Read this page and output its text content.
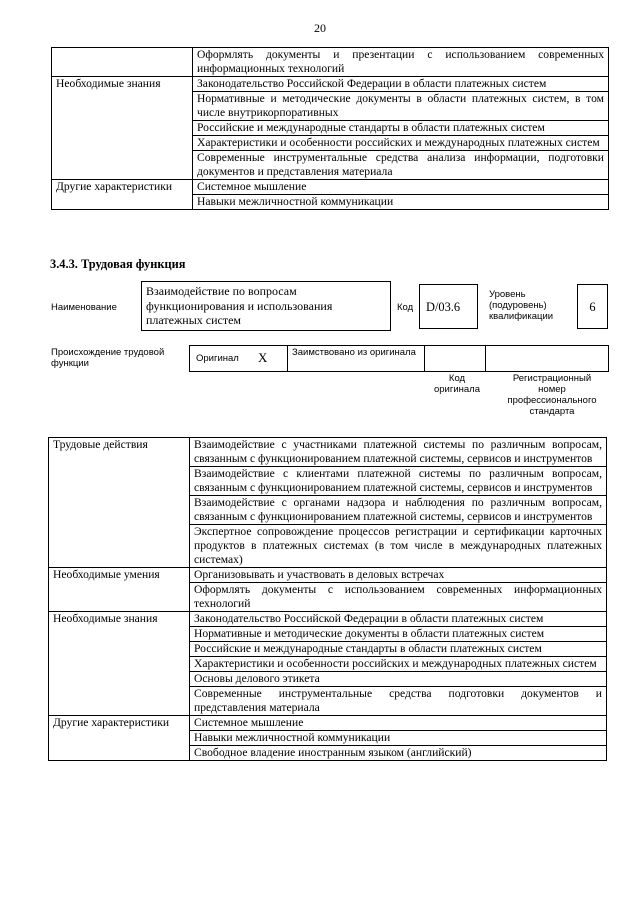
20
	Оформлять документы и презентации с использованием современных информационных технологий
Необходимые знания	Законодательство Российской Федерации в области платежных систем
	Нормативные и методические документы в области платежных систем, в том числе внутрикорпоративных
	Российские и международные стандарты в области платежных систем
	Характеристики и особенности российских и международных платежных систем
	Современные инструментальные средства анализа информации, подготовки документов и представления материала
Другие характеристики	Системное мышление
	Навыки межличностной коммуникации
3.4.3. Трудовая функция
Наименование
Взаимодействие по вопросам функционирования и использования платежных систем
Код	D/03.6
Уровень (подуровень) квалификации
6
Происхождение трудовой функции	Оригинал X	Заимствовано из оригинала
Код оригинала
Регистрационный номер профессионального стандарта
Трудовые действия	Взаимодействие с участниками платежной системы по различным вопросам, связанным с функционированием платежной системы, сервисов и инструментов
	Взаимодействие с клиентами платежной системы по различным вопросам, связанным с функционированием платежной системы, сервисов и инструментов
	Взаимодействие с органами надзора и наблюдения по различным вопросам, связанным с функционированием платежной системы, сервисов и инструментов
	Экспертное сопровождение процессов регистрации и сертификации карточных продуктов в платежных системах (в том числе в международных платежных системах)
Необходимые умения	Организовывать и участвовать в деловых встречах
	Оформлять документы с использованием современных информационных технологий
Необходимые знания	Законодательство Российской Федерации в области платежных систем
	Нормативные и методические документы в области платежных систем
	Российские и международные стандарты в области платежных систем
	Характеристики и особенности российских и международных платежных систем
	Основы делового этикета
	Современные инструментальные средства подготовки документов и представления материала
Другие характеристики	Системное мышление
	Навыки межличностной коммуникации
	Свободное владение иностранным языком (английский)
